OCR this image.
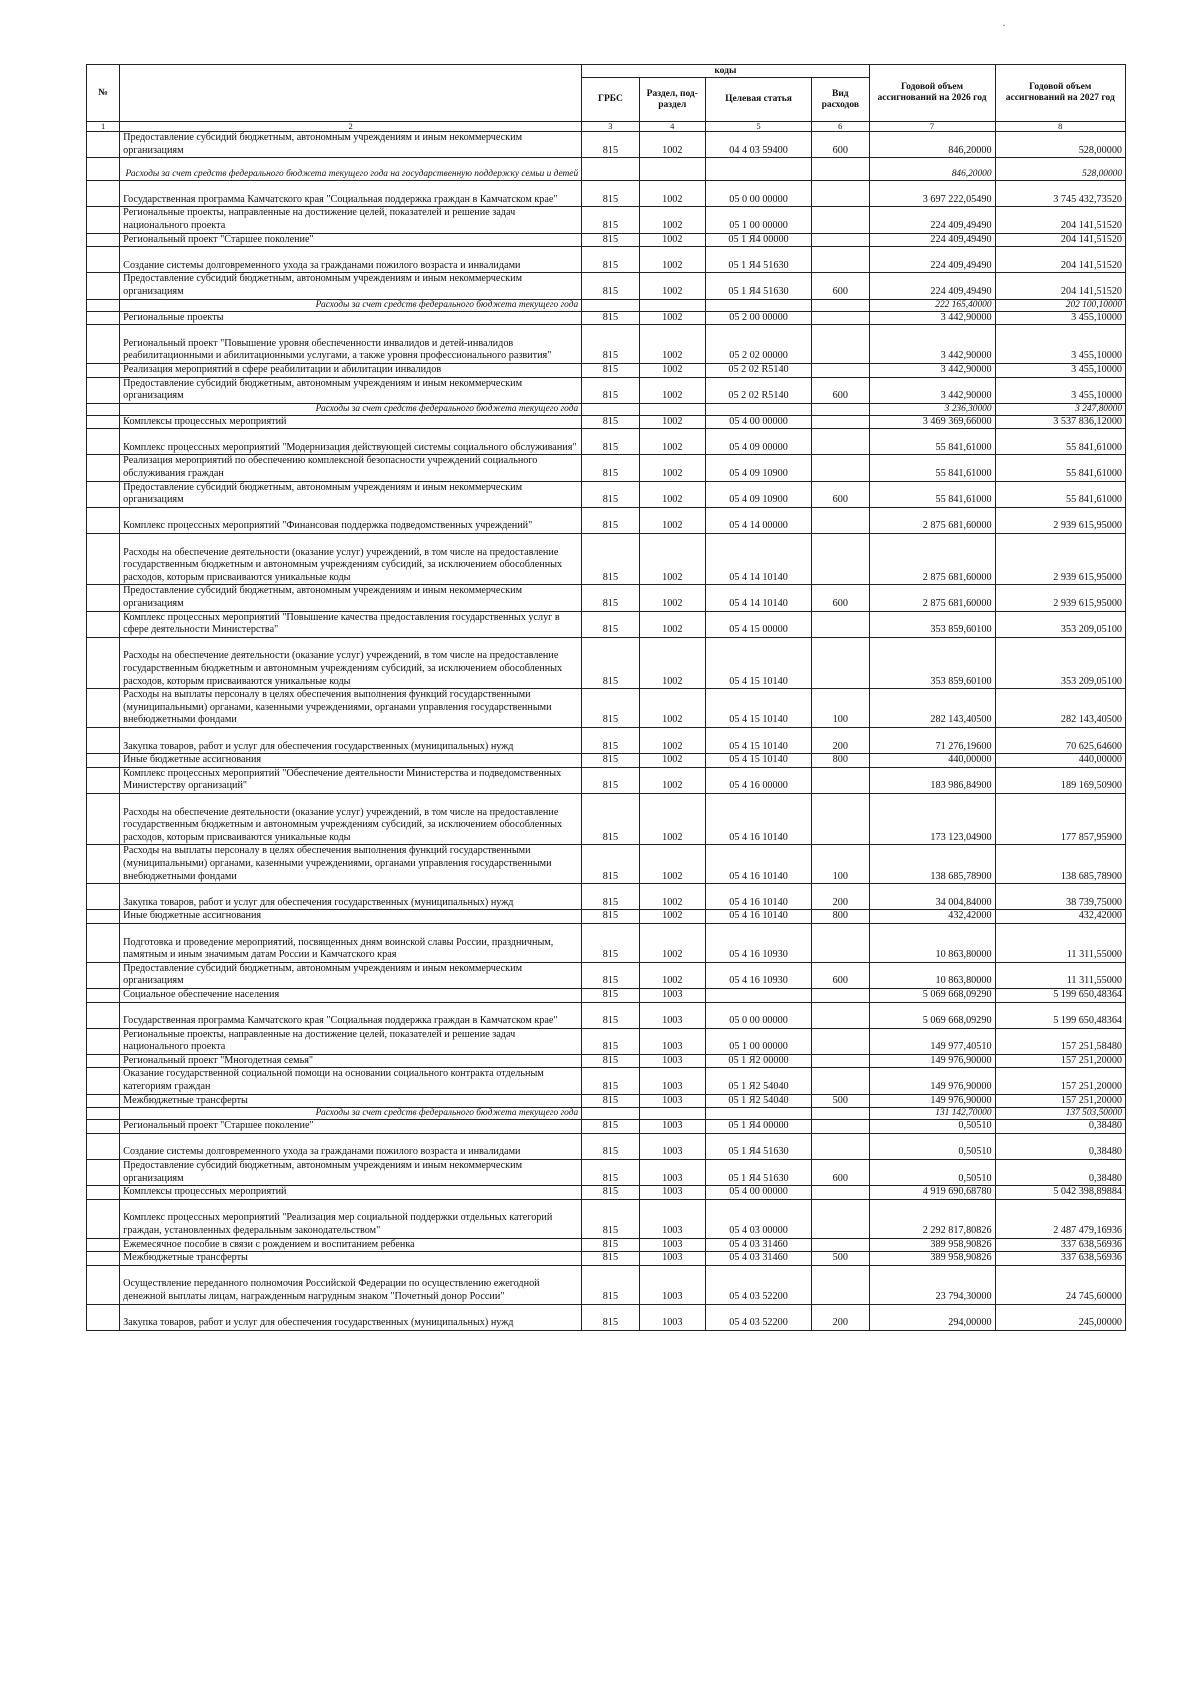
№		коды				Годовой объем ассигнований на 2026 год	Годовой объем ассигнований на 2027 год
		ГРБС	Раздел, под-раздел	Целевая статья	Вид расходов		
1	2	3	4	5	6	7	8
	Предоставление субсидий бюджетным, автономным учреждениям и иным некоммерческим организациям	815	1002	04 4 03 59400	600	846,20000	528,00000
	Расходы за счет средств федерального бюджета текущего года на государственную поддержку семьи и детей					846,20000	528,00000
	Государственная программа Камчатского края "Социальная поддержка граждан в Камчатском крае"	815	1002	05 0 00 00000		3 697 222,05490	3 745 432,73520
	Региональные проекты, направленные на достижение целей, показателей и решение задач национального проекта	815	1002	05 1 00 00000		224 409,49490	204 141,51520
	Региональный проект "Старшее поколение"	815	1002	05 1 Я4 00000		224 409,49490	204 141,51520
	Создание системы долговременного ухода за гражданами пожилого возраста и инвалидами	815	1002	05 1 Я4 51630		224 409,49490	204 141,51520
	Предоставление субсидий бюджетным, автономным учреждениям и иным некоммерческим организациям	815	1002	05 1 Я4 51630	600	224 409,49490	204 141,51520
	Расходы за счет средств федерального бюджета текущего года					222 165,40000	202 100,10000
	Региональные проекты	815	1002	05 2 00 00000		3 442,90000	3 455,10000
	Региональный проект "Повышение уровня обеспеченности инвалидов и детей-инвалидов реабилитационными и абилитационными услугами, а также уровня профессионального развития"	815	1002	05 2 02 00000		3 442,90000	3 455,10000
	Реализация мероприятий в сфере реабилитации и абилитации инвалидов	815	1002	05 2 02 R5140		3 442,90000	3 455,10000
	Предоставление субсидий бюджетным, автономным учреждениям и иным некоммерческим организациям	815	1002	05 2 02 R5140	600	3 442,90000	3 455,10000
	Расходы за счет средств федерального бюджета текущего года					3 236,30000	3 247,80000
	Комплексы процессных мероприятий	815	1002	05 4 00 00000		3 469 369,66000	3 537 836,12000
	Комплекс процессных мероприятий "Модернизация действующей системы социального обслуживания"	815	1002	05 4 09 00000		55 841,61000	55 841,61000
	Реализация мероприятий по обеспечению комплексной безопасности учреждений социального обслуживания граждан	815	1002	05 4 09 10900		55 841,61000	55 841,61000
	Предоставление субсидий бюджетным, автономным учреждениям и иным некоммерческим организациям	815	1002	05 4 09 10900	600	55 841,61000	55 841,61000
	Комплекс процессных мероприятий "Финансовая поддержка подведомственных учреждений"	815	1002	05 4 14 00000		2 875 681,60000	2 939 615,95000
	Расходы на обеспечение деятельности (оказание услуг) учреждений, в том числе на предоставление государственным бюджетным и автономным учреждениям субсидий, за исключением обособленных расходов, которым присваиваются уникальные коды	815	1002	05 4 14 10140		2 875 681,60000	2 939 615,95000
	Предоставление субсидий бюджетным, автономным учреждениям и иным некоммерческим организациям	815	1002	05 4 14 10140	600	2 875 681,60000	2 939 615,95000
	Комплекс процессных мероприятий "Повышение качества предоставления государственных услуг в сфере деятельности Министерства"	815	1002	05 4 15 00000		353 859,60100	353 209,05100
	Расходы на обеспечение деятельности (оказание услуг) учреждений, в том числе на предоставление государственным бюджетным и автономным учреждениям субсидий, за исключением обособленных расходов, которым присваиваются уникальные коды	815	1002	05 4 15 10140		353 859,60100	353 209,05100
	Расходы на выплаты персоналу в целях обеспечения выполнения функций государственными (муниципальными) органами, казенными учреждениями, органами управления государственными внебюджетными фондами	815	1002	05 4 15 10140	100	282 143,40500	282 143,40500
	Закупка товаров, работ и услуг для обеспечения государственных (муниципальных) нужд	815	1002	05 4 15 10140	200	71 276,19600	70 625,64600
	Иные бюджетные ассигнования	815	1002	05 4 15 10140	800	440,00000	440,00000
	Комплекс процессных мероприятий "Обеспечение деятельности Министерства и подведомственных Министерству организаций"	815	1002	05 4 16 00000		183 986,84900	189 169,50900
	Расходы на обеспечение деятельности (оказание услуг) учреждений, в том числе на предоставление государственным бюджетным и автономным учреждениям субсидий, за исключением обособленных расходов, которым присваиваются уникальные коды	815	1002	05 4 16 10140		173 123,04900	177 857,95900
	Расходы на выплаты персоналу в целях обеспечения выполнения функций государственными (муниципальными) органами, казенными учреждениями, органами управления государственными внебюджетными фондами	815	1002	05 4 16 10140	100	138 685,78900	138 685,78900
	Закупка товаров, работ и услуг для обеспечения государственных (муниципальных) нужд	815	1002	05 4 16 10140	200	34 004,84000	38 739,75000
	Иные бюджетные ассигнования	815	1002	05 4 16 10140	800	432,42000	432,42000
	Подготовка и проведение мероприятий, посвященных дням воинской славы России, праздничным, памятным и иным значимым датам России и Камчатского края	815	1002	05 4 16 10930		10 863,80000	11 311,55000
	Предоставление субсидий бюджетным, автономным учреждениям и иным некоммерческим организациям	815	1002	05 4 16 10930	600	10 863,80000	11 311,55000
	Социальное обеспечение населения	815	1003			5 069 668,09290	5 199 650,48364
	Государственная программа Камчатского края "Социальная поддержка граждан в Камчатском крае"	815	1003	05 0 00 00000		5 069 668,09290	5 199 650,48364
	Региональные проекты, направленные на достижение целей, показателей и решение задач национального проекта	815	1003	05 1 00 00000		149 977,40510	157 251,58480
	Региональный проект "Многодетная семья"	815	1003	05 1 Я2 00000		149 976,90000	157 251,20000
	Оказание государственной социальной помощи на основании социального контракта отдельным категориям граждан	815	1003	05 1 Я2 54040		149 976,90000	157 251,20000
	Межбюджетные трансферты	815	1003	05 1 Я2 54040	500	149 976,90000	157 251,20000
	Расходы за счет средств федерального бюджета текущего года					131 142,70000	137 503,50000
	Региональный проект "Старшее поколение"	815	1003	05 1 Я4 00000		0,50510	0,38480
	Создание системы долговременного ухода за гражданами пожилого возраста и инвалидами	815	1003	05 1 Я4 51630		0,50510	0,38480
	Предоставление субсидий бюджетным, автономным учреждениям и иным некоммерческим организациям	815	1003	05 1 Я4 51630	600	0,50510	0,38480
	Комплексы процессных мероприятий	815	1003	05 4 00 00000		4 919 690,68780	5 042 398,89884
	Комплекс процессных мероприятий "Реализация мер социальной поддержки отдельных категорий граждан, установленных федеральным законодательством"	815	1003	05 4 03 00000		2 292 817,80826	2 487 479,16936
	Ежемесячное пособие в связи с рождением и воспитанием ребенка	815	1003	05 4 03 31460		389 958,90826	337 638,56936
	Межбюджетные трансферты	815	1003	05 4 03 31460	500	389 958,90826	337 638,56936
	Осуществление переданного полномочия Российской Федерации по осуществлению ежегодной денежной выплаты лицам, награжденным нагрудным знаком "Почетный донор России"	815	1003	05 4 03 52200		23 794,30000	24 745,60000
	Закупка товаров, работ и услуг для обеспечения государственных (муниципальных) нужд	815	1003	05 4 03 52200	200	294,00000	245,00000
·
